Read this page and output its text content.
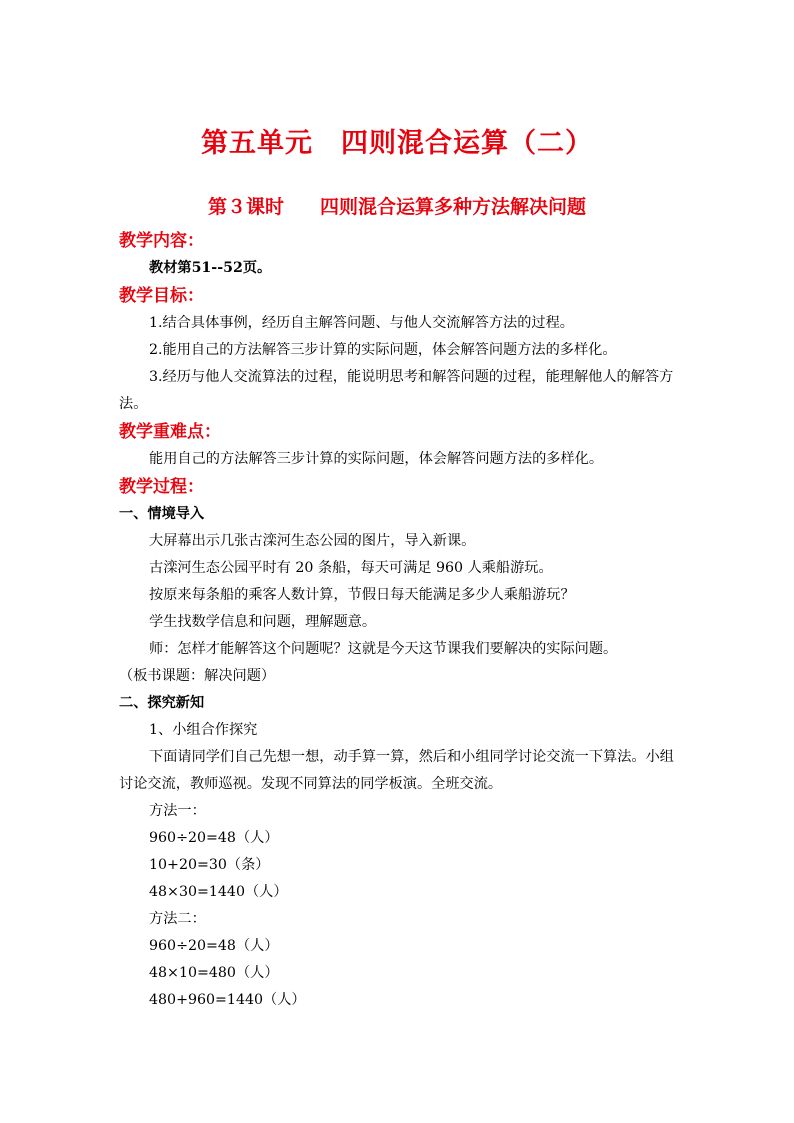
第五单元　四则混合运算（二）
第３课时 四则混合运算多种方法解决问题

教学内容：

教材第51--52页。

教学目标：

1.结合具体事例，经历自主解答问题、与他人交流解答方法的过程。

2.能用自己的方法解答三步计算的实际问题，体会解答问题方法的多样化。

3.经历与他人交流算法的过程，能说明思考和解答问题的过程，能理解他人的解答方法。

教学重难点：

能用自己的方法解答三步计算的实际问题，体会解答问题方法的多样化。

教学过程：

一、情境导入

大屏幕出示几张古滦河生态公园的图片，导入新课。

古滦河生态公园平时有 20 条船，每天可满足 960 人乘船游玩。

按原来每条船的乘客人数计算，节假日每天能满足多少人乘船游玩？

学生找数学信息和问题，理解题意。

师：怎样才能解答这个问题呢？这就是今天这节课我们要解决的实际问题。

（板书课题：解决问题）

二、探究新知

1、小组合作探究

下面请同学们自己先想一想，动手算一算，然后和小组同学讨论交流一下算法。小组讨论交流，教师巡视。发现不同算法的同学板演。全班交流。

方法一：

960÷20=48（人）

10+20=30（条）

48×30=1440（人）

方法二：

960÷20=48（人）

48×10=480（人）

480+960=1440（人）
